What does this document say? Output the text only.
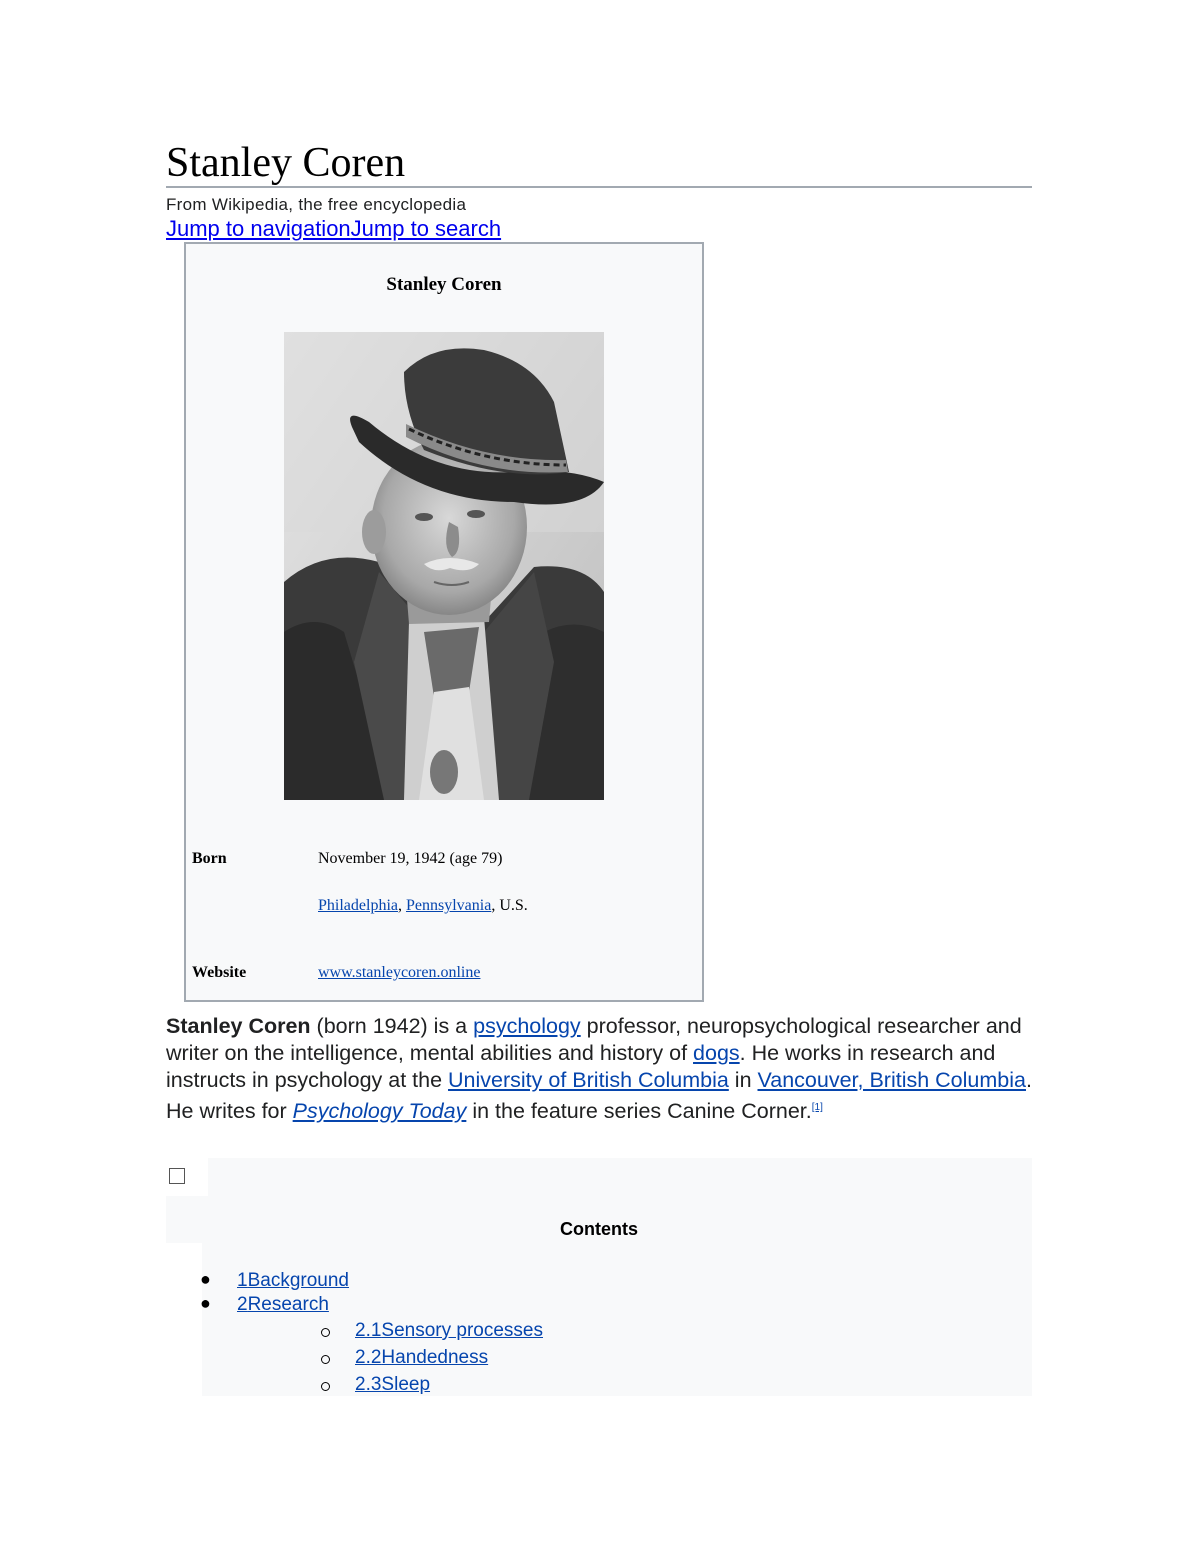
Stanley Coren
From Wikipedia, the free encyclopedia
Jump to navigationJump to search
Stanley Coren
Born	November 19, 1942 (age 79)
Philadelphia, Pennsylvania, U.S.
Website	www.stanleycoren.online
Stanley Coren (born 1942) is a psychology professor, neuropsychological researcher and writer on the intelligence, mental abilities and history of dogs. He works in research and instructs in psychology at the University of British Columbia in Vancouver, British Columbia. He writes for Psychology Today in the feature series Canine Corner.[1]
Contents
● 1Background
● 2Research
2.1Sensory processes
2.2Handedness
2.3Sleep
